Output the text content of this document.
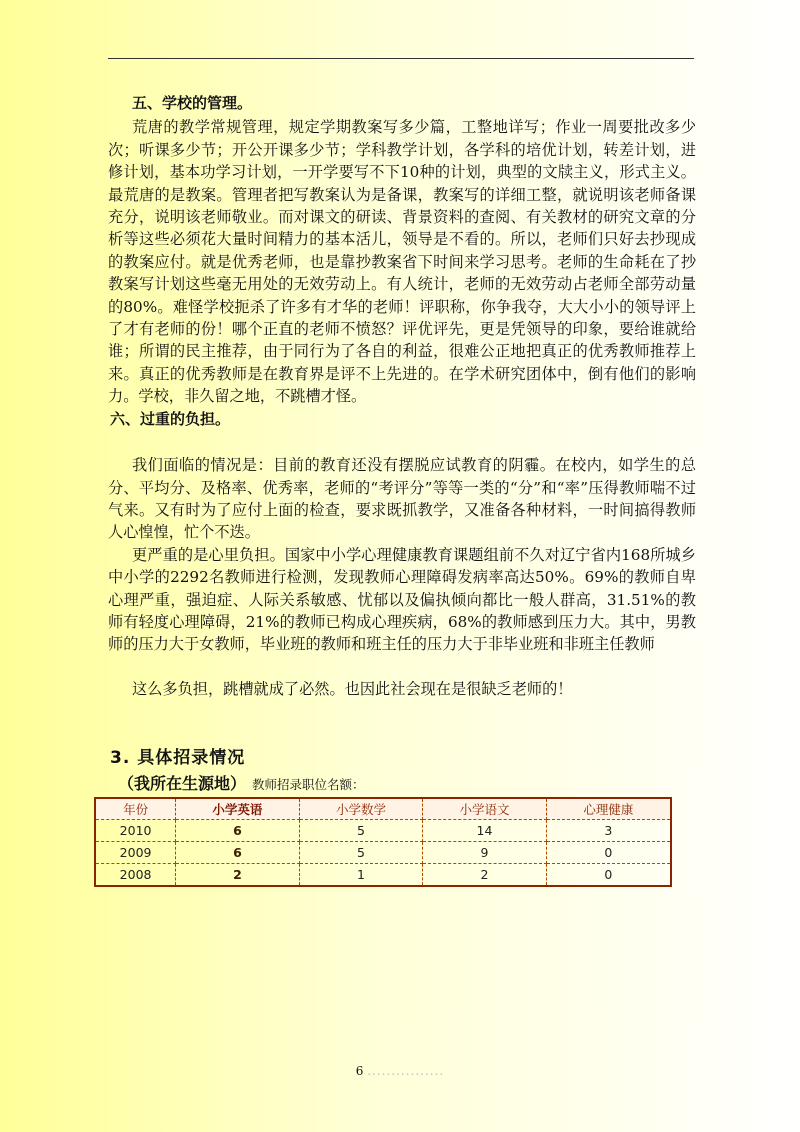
五、学校的管理。

荒唐的教学常规管理，规定学期教案写多少篇，工整地详写；作业一周要批改多少次；听课多少节；开公开课多少节；学科教学计划，各学科的培优计划，转差计划，进修计划，基本功学习计划，一开学要写不下10种的计划，典型的文牍主义，形式主义。最荒唐的是教案。管理者把写教案认为是备课，教案写的详细工整，就说明该老师备课充分，说明该老师敬业。而对课文的研读、背景资料的查阅、有关教材的研究文章的分析等这些必须花大量时间精力的基本活儿，领导是不看的。所以，老师们只好去抄现成的教案应付。就是优秀老师，也是靠抄教案省下时间来学习思考。老师的生命耗在了抄教案写计划这些毫无用处的无效劳动上。有人统计，老师的无效劳动占老师全部劳动量的80%。难怪学校扼杀了许多有才华的老师！评职称，你争我夺，大大小小的领导评上了才有老师的份！哪个正直的老师不愤怒？评优评先，更是凭领导的印象，要给谁就给谁；所谓的民主推荐，由于同行为了各自的利益，很难公正地把真正的优秀教师推荐上来。真正的优秀教师是在教育界是评不上先进的。在学术研究团体中，倒有他们的影响力。学校，非久留之地，不跳槽才怪。

六、过重的负担。

我们面临的情况是：目前的教育还没有摆脱应试教育的阴霾。在校内，如学生的总分、平均分、及格率、优秀率，老师的“考评分”等等一类的“分”和“率”压得教师喘不过气来。又有时为了应付上面的检查，要求既抓教学，又准备各种材料，一时间搞得教师人心惶惶，忙个不迭。

更严重的是心里负担。国家中小学心理健康教育课题组前不久对辽宁省内168所城乡中小学的2292名教师进行检测，发现教师心理障碍发病率高达50%。69%的教师自卑心理严重，强迫症、人际关系敏感、忧郁以及偏执倾向都比一般人群高，31.51%的教师有轻度心理障碍，21%的教师已构成心理疾病，68%的教师感到压力大。其中，男教师的压力大于女教师，毕业班的教师和班主任的压力大于非毕业班和非班主任教师

这么多负担，跳槽就成了必然。也因此社会现在是很缺乏老师的！

3. 具体招录情况
（我所在生源地） 教师招录职位名额：
年份	小学英语	小学数学	小学语文	心理健康
2010	6	5	14	3
2009	6	5	9	0
2008	2	1	2	0
6 ................
